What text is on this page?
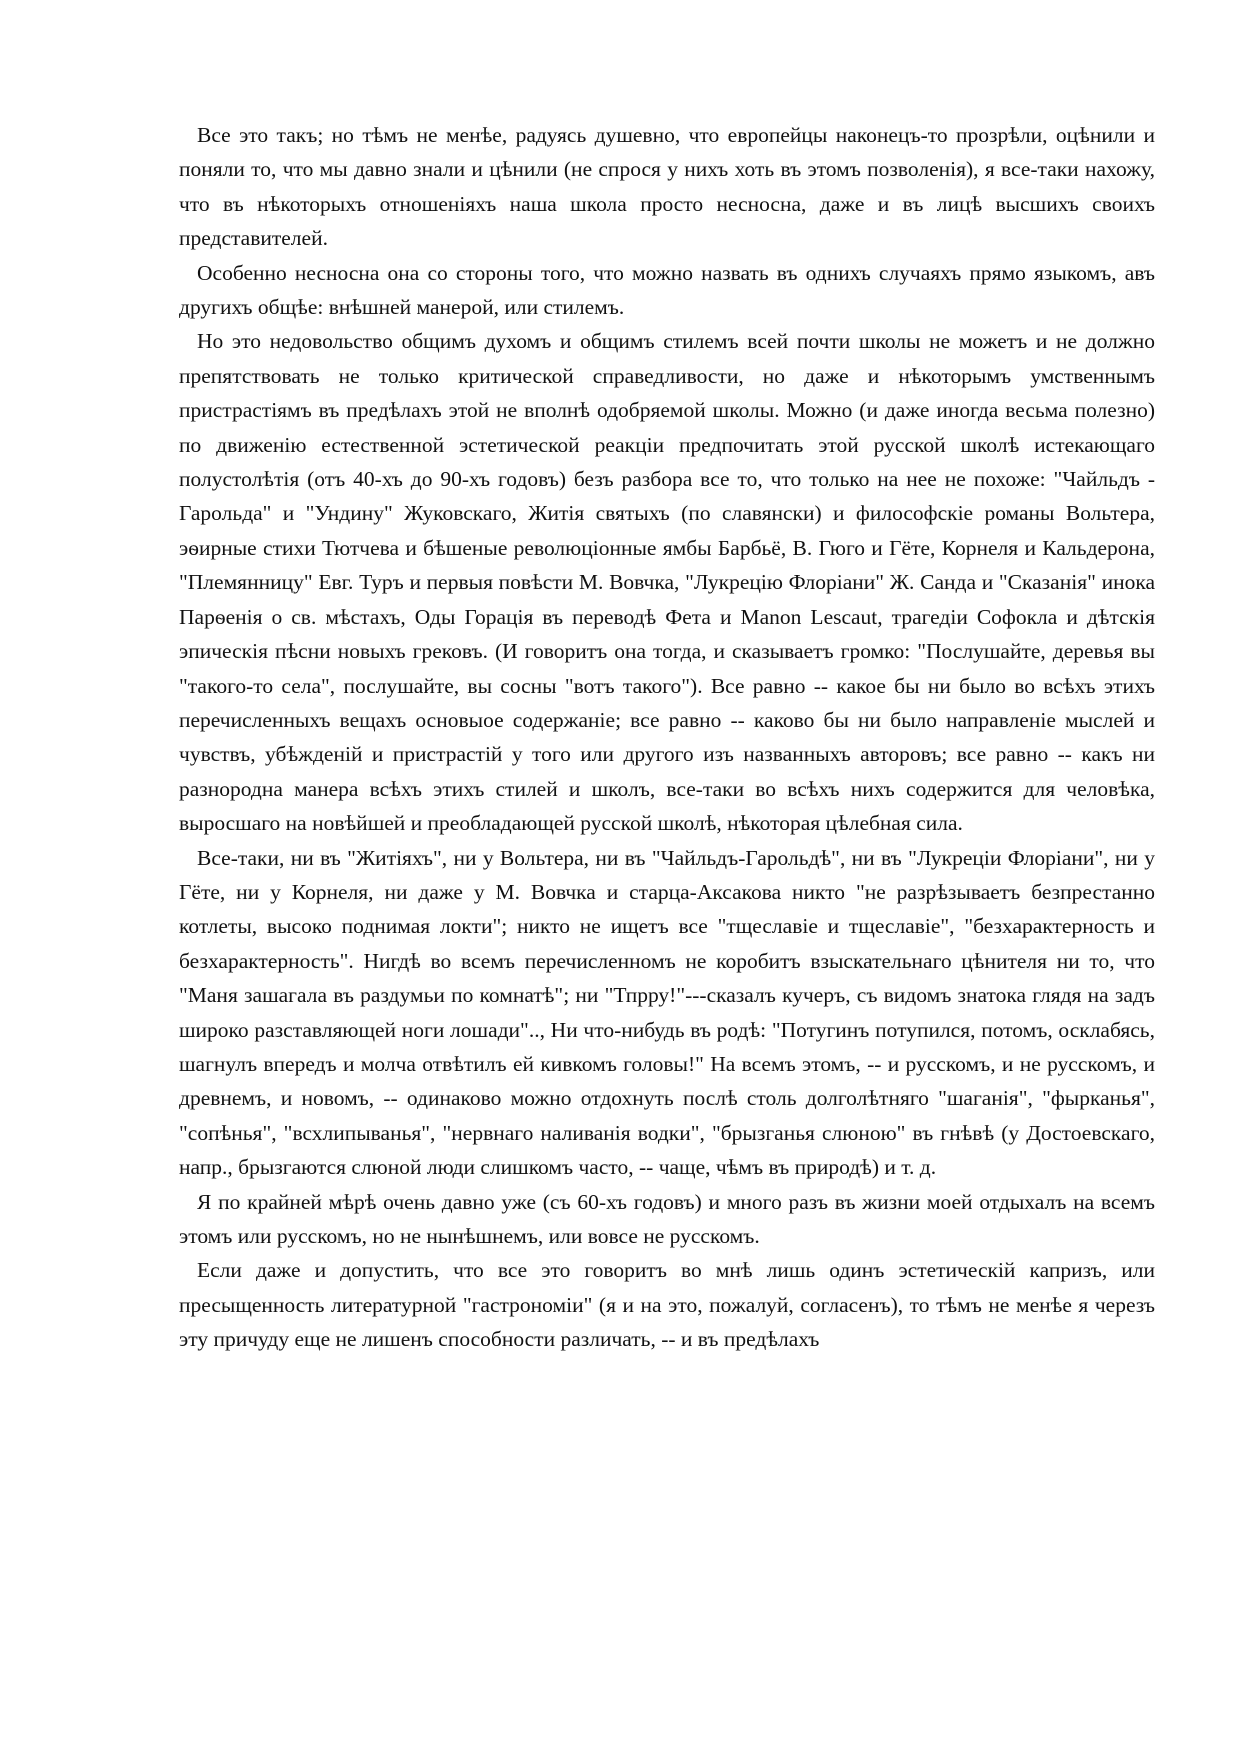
Все это такъ; но тѣмъ не менѣе, радуясь душевно, что европейцы наконецъ-то прозрѣли, оцѣнили и поняли то, что мы давно знали и цѣнили (не спрося у нихъ хоть въ этомъ позволенія), я все-таки нахожу, что въ нѣкоторыхъ отношеніяхъ наша школа просто несносна, даже и въ лицѣ высшихъ своихъ представителей.

Особенно несносна она со стороны того, что можно назвать въ однихъ случаяхъ прямо языкомъ, авъ другихъ общѣе: внѣшней манерой, или стилемъ.

Но это недовольство общимъ духомъ и общимъ стилемъ всей почти школы не можетъ и не должно препятствовать не только критической справедливости, но даже и нѣкоторымъ умственнымъ пристрастіямъ въ предѣлахъ этой не вполнѣ одобряемой школы. Можно (и даже иногда весьма полезно) по движенію естественной эстетической реакціи предпочитать этой русской школѣ истекающаго полустолѣтія (отъ 40-хъ до 90-хъ годовъ) безъ разбора все то, что только на нее не похоже: "Чайльдъ - Гарольда" и "Ундину" Жуковскаго, Житія святыхъ (по славянски) и философскіе романы Вольтера, эѳирные стихи Тютчева и бѣшеные революціонные ямбы Барбьё, В. Гюго и Гёте, Корнеля и Кальдерона, "Племянницу" Евг. Туръ и первыя повѣсти М. Вовчка, "Лукрецію Флоріани" Ж. Санда и "Сказанія" инока Парѳенія о св. мѣстахъ, Оды Горація въ переводѣ Фета и Manon Lescaut, трагедіи Софокла и дѣтскія эпическія пѣсни новыхъ грековъ. (И говоритъ она тогда, и сказываетъ громко: "Послушайте, деревья вы "такого-то села", послушайте, вы сосны "вотъ такого"). Все равно -- какое бы ни было во всѣхъ этихъ перечисленныхъ вещахъ основыое содержаніе; все равно -- каково бы ни было направленіе мыслей и чувствъ, убѣжденій и пристрастій у того или другого изъ названныхъ авторовъ; все равно -- какъ ни разнородна манера всѣхъ этихъ стилей и школъ, все-таки во всѣхъ нихъ содержится для человѣка, выросшаго на новѣйшей и преобладающей русской школѣ, нѣкоторая цѣлебная сила.

Все-таки, ни въ "Житіяхъ", ни у Вольтера, ни въ "Чайльдъ-Гарольдѣ", ни въ "Лукреціи Флоріани", ни у Гёте, ни у Корнеля, ни даже у М. Вовчка и старца-Аксакова никто "не разрѣзываетъ безпрестанно котлеты, высоко поднимая локти"; никто не ищетъ все "тщеславіе и тщеславіе", "безхарактерность и безхарактерность". Нигдѣ во всемъ перечисленномъ не коробитъ взыскательнаго цѣнителя ни то, что "Маня зашагала въ раздумьи по комнатѣ"; ни "Тпрру!"---сказалъ кучеръ, съ видомъ знатока глядя на задъ широко разставляющей ноги лошади".., Ни что-нибудь въ родѣ: "Потугинъ потупился, потомъ, осклабясь, шагнулъ впередъ и молча отвѣтилъ ей кивкомъ головы!" На всемъ этомъ, -- и русскомъ, и не русскомъ, и древнемъ, и новомъ, -- одинаково можно отдохнуть послѣ столь долголѣтняго "шаганія", "фырканья", "сопѣнья", "всхлипыванья", "нервнаго наливанія водки", "брызганья слюною" въ гнѣвѣ (у Достоевскаго, напр., брызгаются слюной люди слишкомъ часто, -- чаще, чѣмъ въ природѣ) и т. д.

Я по крайней мѣрѣ очень давно уже (съ 60-хъ годовъ) и много разъ въ жизни моей отдыхалъ на всемъ этомъ или русскомъ, но не нынѣшнемъ, или вовсе не русскомъ.

Если даже и допустить, что все это говоритъ во мнѣ лишь одинъ эстетическій капризъ, или пресыщенность литературной "гастрономіи" (я и на это, пожалуй, согласенъ), то тѣмъ не менѣе я черезъ эту причуду еще не лишенъ способности различать, -- и въ предѣлахъ
